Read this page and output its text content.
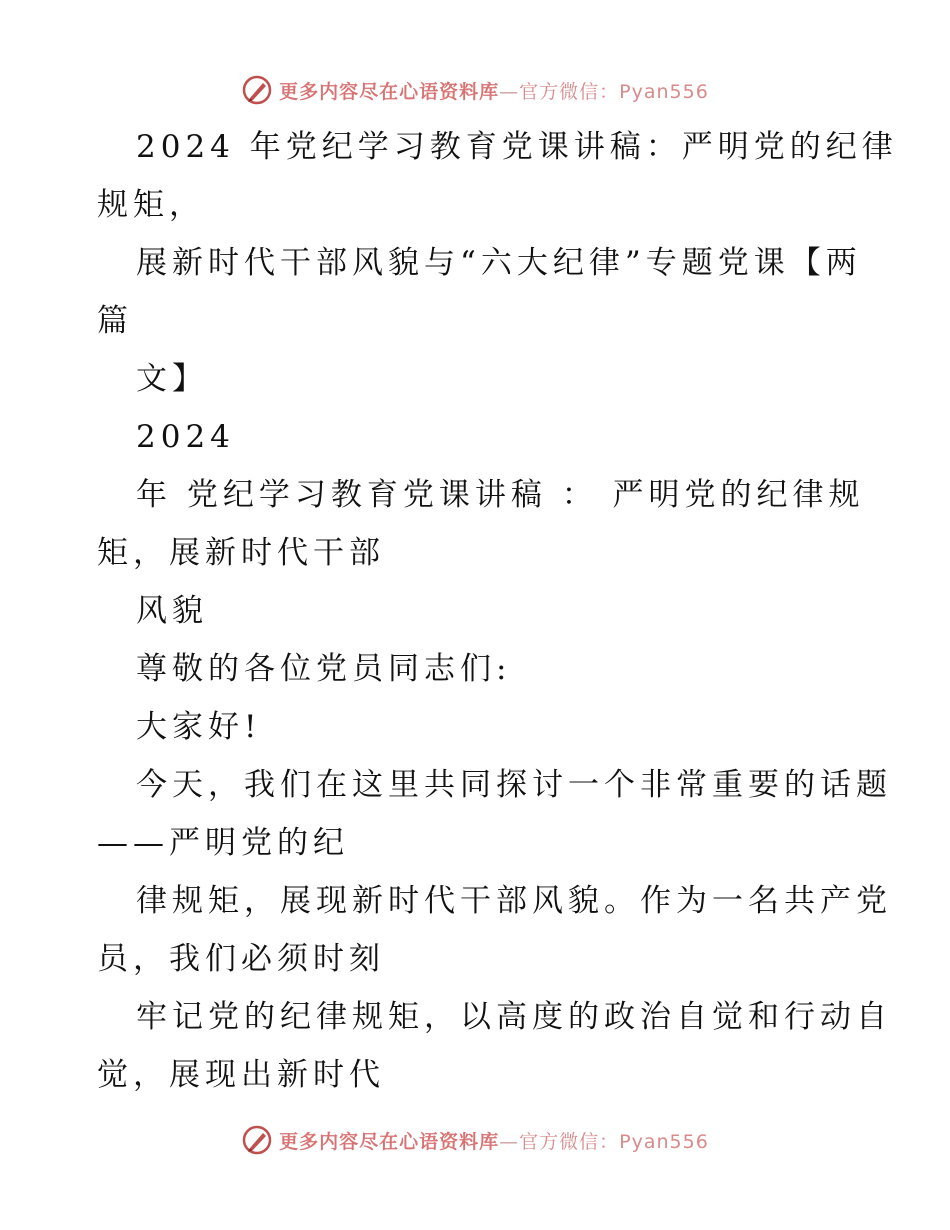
更多内容尽在心语资料库—官方微信：Pyan556
2024 年党纪学习教育党课讲稿：严明党的纪律
规矩，
展新时代干部风貌与“六大纪律”专题党课【两
篇
文】
2024
年 党纪学习教育党课讲稿 ： 严明党的纪律规
矩，展新时代干部
风貌
尊敬的各位党员同志们:
大家好!
今天，我们在这里共同探讨一个非常重要的话题
——严明党的纪
律规矩，展现新时代干部风貌。作为一名共产党
员，我们必须时刻
牢记党的纪律规矩，以高度的政治自觉和行动自
觉，展现出新时代
更多内容尽在心语资料库—官方微信：Pyan556
